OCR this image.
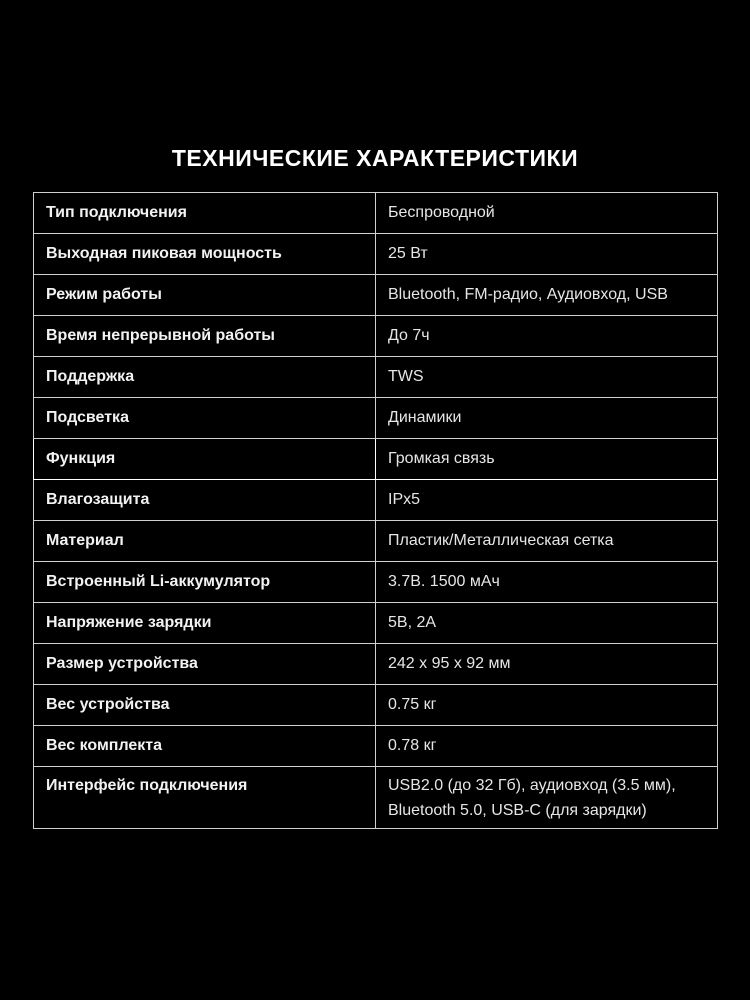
ТЕХНИЧЕСКИЕ ХАРАКТЕРИСТИКИ
Тип подключения	Беспроводной
Выходная пиковая мощность	25 Вт
Режим работы	Bluetooth, FM-радио, Аудиовход, USB
Время непрерывной работы	До 7ч
Поддержка	TWS
Подсветка	Динамики
Функция	Громкая связь
Влагозащита	IPx5
Материал	Пластик/Металлическая сетка
Встроенный Li-аккумулятор	3.7В. 1500 мАч
Напряжение зарядки	5В, 2А
Размер устройства	242 x 95 x 92 мм
Вес устройства	0.75 кг
Вес комплекта	0.78 кг
Интерфейс подключения	USB2.0 (до 32 Гб), аудиовход (3.5 мм),
Bluetooth 5.0, USB-C (для зарядки)
